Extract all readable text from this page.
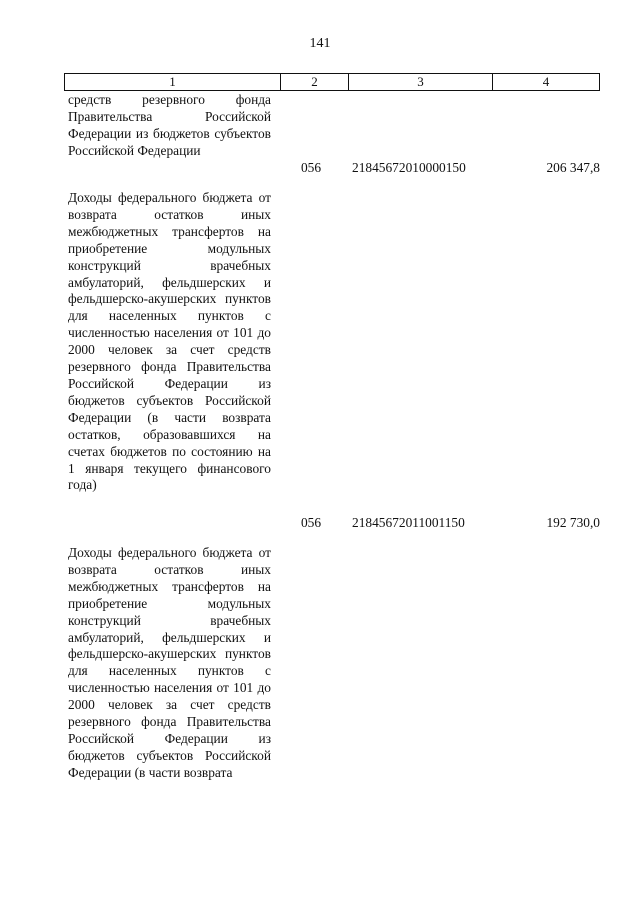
141
1	2	3	4
средств резервного фонда Правительства Российской Федерации из бюджетов субъектов Российской Федерации
056	21845672010000150	206 347,8
Доходы федерального бюджета от возврата остатков иных межбюджетных трансфертов на приобретение модульных конструкций врачебных амбулаторий, фельдшерских и фельдшерско-акушерских пунктов для населенных пунктов с численностью населения от 101 до 2000 человек за счет средств резервного фонда Правительства Российской Федерации из бюджетов субъектов Российской Федерации (в части возврата остатков, образовавшихся на счетах бюджетов по состоянию на 1 января текущего финансового года)
056	21845672011001150	192 730,0
Доходы федерального бюджета от возврата остатков иных межбюджетных трансфертов на приобретение модульных конструкций врачебных амбулаторий, фельдшерских и фельдшерско-акушерских пунктов для населенных пунктов с численностью населения от 101 до 2000 человек за счет средств резервного фонда Правительства Российской Федерации из бюджетов субъектов Российской Федерации (в части возврата
